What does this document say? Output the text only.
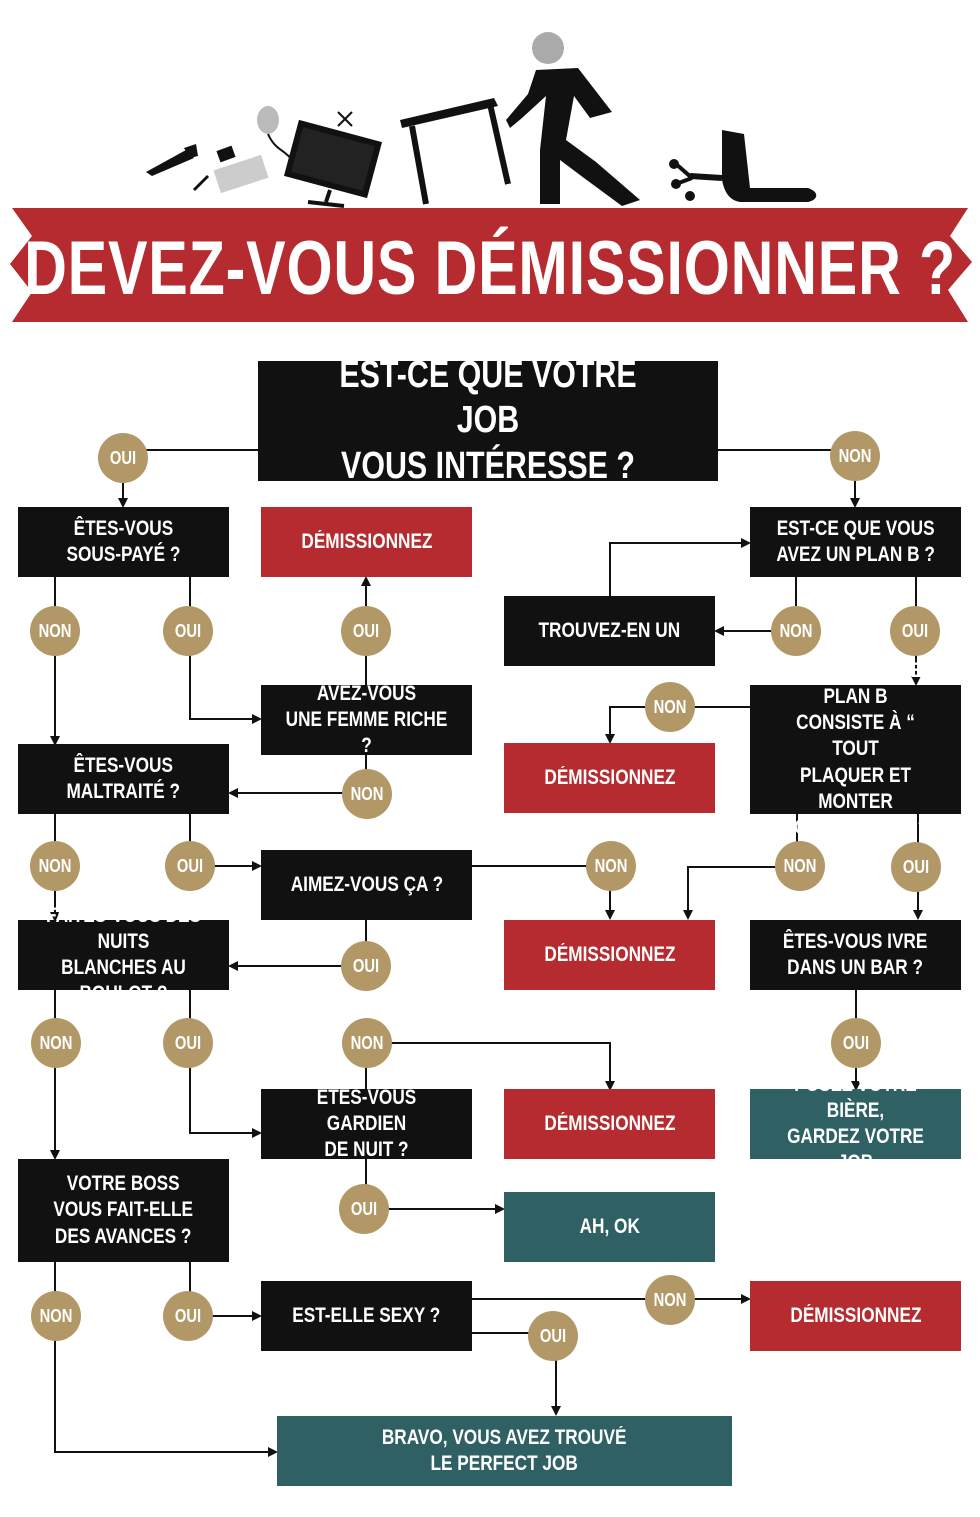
DEVEZ-VOUS DÉMISSIONNER ?
EST-CE QUE VOTRE JOB
VOUS INTÉRESSE ?
ÊTES-VOUS
SOUS-PAYÉ ?
DÉMISSIONNEZ
EST-CE QUE VOUS
AVEZ UN PLAN B ?
TROUVEZ-EN UN
AVEZ-VOUS
UNE FEMME RICHE ?
EST-CE QUE CE PLAN B
CONSISTE À “ TOUT
PLAQUER ET MONTER
VOTRE BOITE ” ?
ÊTES-VOUS
MALTRAITÉ ?
DÉMISSIONNEZ
AIMEZ-VOUS ÇA ?
FAITES-VOUS DES NUITS
BLANCHES AU BOULOT ?
DÉMISSIONNEZ
ÊTES-VOUS IVRE
DANS UN BAR ?
ÊTES-VOUS GARDIEN
DE NUIT ?
DÉMISSIONNEZ
POSEZ VOTRE BIÈRE,
GARDEZ VOTRE JOB
VOTRE BOSS
VOUS FAIT-ELLE
DES AVANCES ?	AH, OK
EST-ELLE SEXY ?	DÉMISSIONNEZ
BRAVO, VOUS AVEZ TROUVÉ
LE PERFECT JOB
OUI	NON
NON	OUI	OUI	NON	OUI
NON
NON
NON	OUI	NON	NON	OUI
OUI
NON	OUI	NON	OUI
OUI
NON	OUI
NON
OUI
